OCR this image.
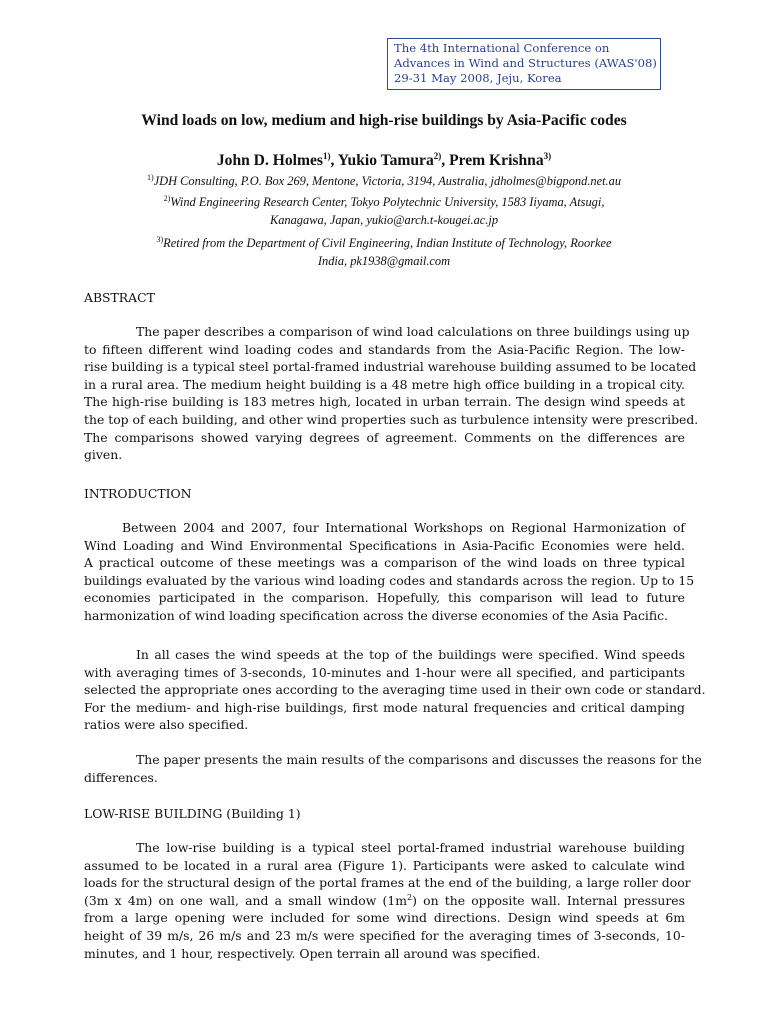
The 4th International Conference on
Advances in Wind and Structures (AWAS'08)
29-31 May 2008, Jeju, Korea
Wind loads on low, medium and high-rise buildings by Asia-Pacific codes
John D. Holmes$^{1)}$, Yukio Tamura$^{2)}$, Prem Krishna$^{3)}$
$^{1)}$JDH Consulting, P.O. Box 269, Mentone, Victoria, 3194, Australia, jdholmes@bigpond.net.au
$^{2)}$Wind Engineering Research Center, Tokyo Polytechnic University, 1583 Iiyama, Atsugi,
Kanagawa, Japan, yukio@arch.t-kougei.ac.jp
$^{3)}$Retired from the Department of Civil Engineering, Indian Institute of Technology, Roorkee
India, pk1938@gmail.com
ABSTRACT
The paper describes a comparison of wind load calculations on three buildings using up
to fifteen different wind loading codes and standards from the Asia-Pacific Region. The low-
rise building is a typical steel portal-framed industrial warehouse building assumed to be located
in a rural area. The medium height building is a 48 metre high office building in a tropical city.
The high-rise building is 183 metres high, located in urban terrain. The design wind speeds at
the top of each building, and other wind properties such as turbulence intensity were prescribed.
The comparisons showed varying degrees of agreement. Comments on the differences are
given.
INTRODUCTION
Between 2004 and 2007, four International Workshops on Regional Harmonization of
Wind Loading and Wind Environmental Specifications in Asia-Pacific Economies were held.
A practical outcome of these meetings was a comparison of the wind loads on three typical
buildings evaluated by the various wind loading codes and standards across the region. Up to 15
economies participated in the comparison. Hopefully, this comparison will lead to future
harmonization of wind loading specification across the diverse economies of the Asia Pacific.
In all cases the wind speeds at the top of the buildings were specified. Wind speeds
with averaging times of 3-seconds, 10-minutes and 1-hour were all specified, and participants
selected the appropriate ones according to the averaging time used in their own code or standard.
For the medium- and high-rise buildings, first mode natural frequencies and critical damping
ratios were also specified.
The paper presents the main results of the comparisons and discusses the reasons for the
differences.
LOW-RISE BUILDING (Building 1)
The low-rise building is a typical steel portal-framed industrial warehouse building
assumed to be located in a rural area (Figure 1). Participants were asked to calculate wind
loads for the structural design of the portal frames at the end of the building, a large roller door
(3m x 4m) on one wall, and a small window $(1m^2)$ on the opposite wall. Internal pressures
from a large opening were included for some wind directions. Design wind speeds at 6m
height of 39 m/s, 26 m/s and 23 m/s were specified for the averaging times of 3-seconds, 10-
minutes, and 1 hour, respectively. Open terrain all around was specified.
